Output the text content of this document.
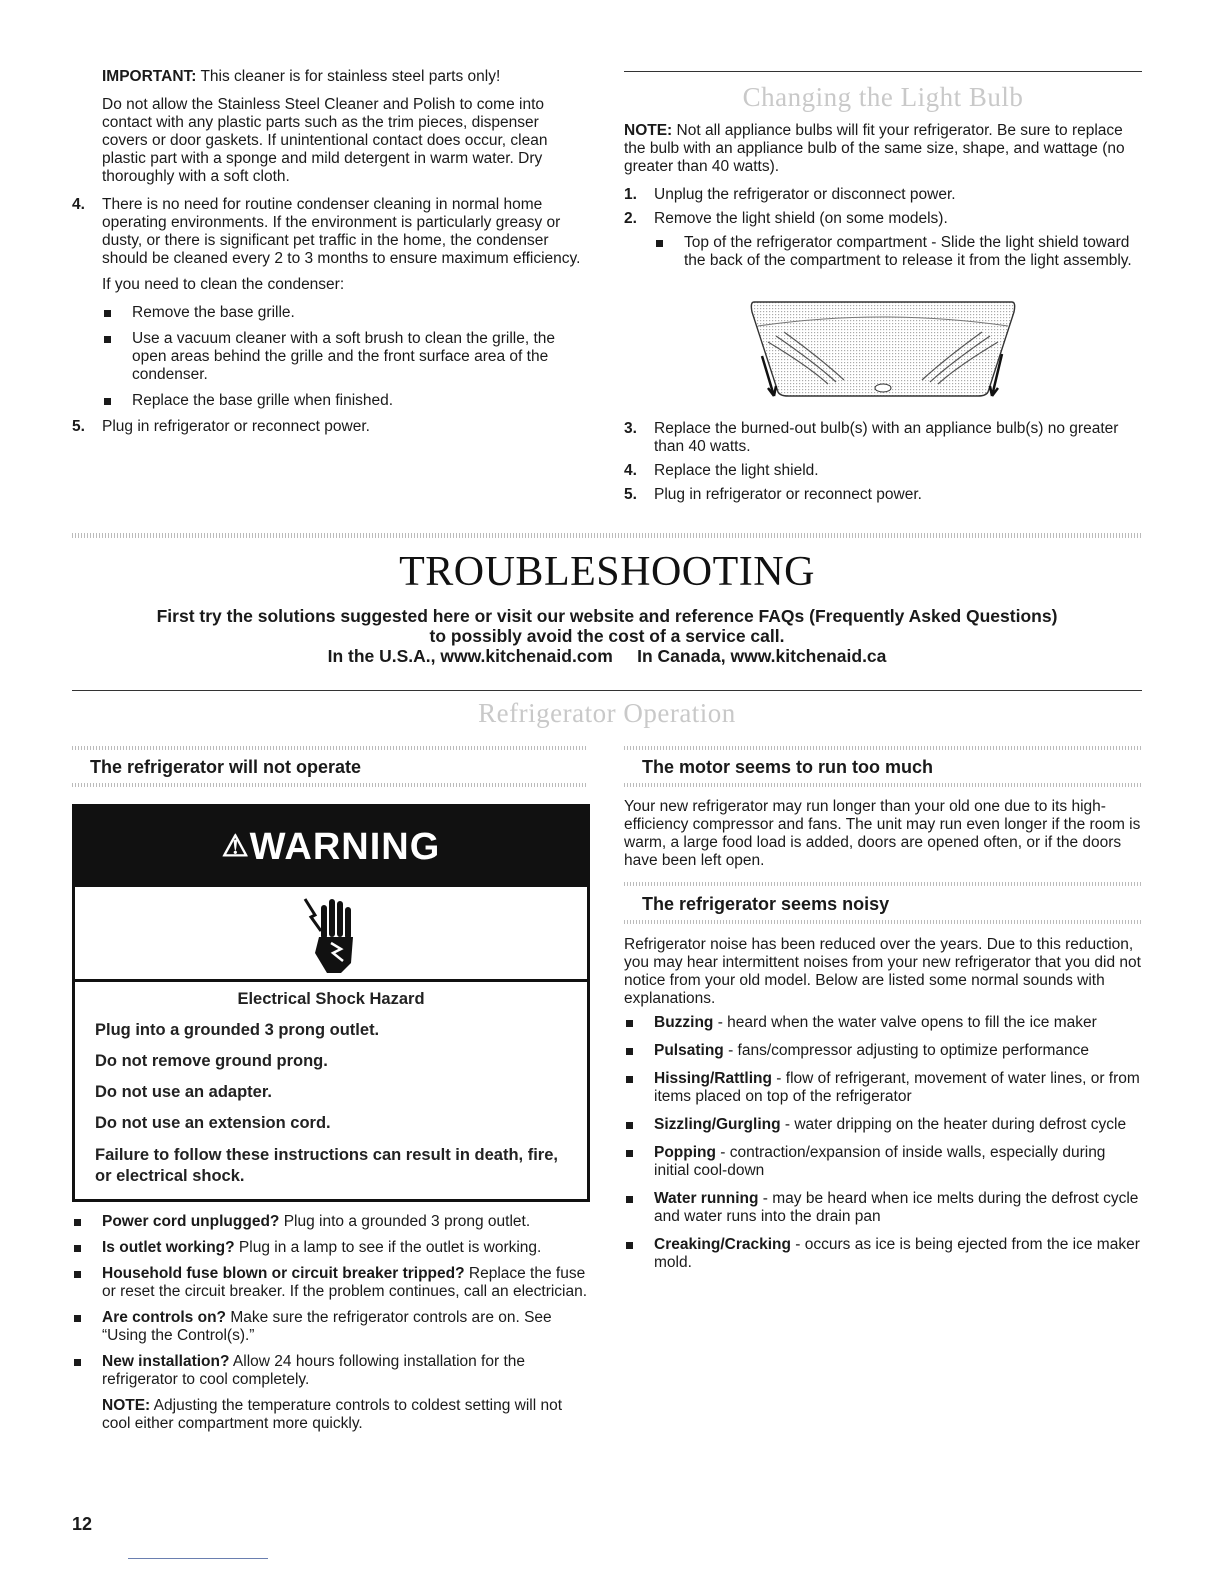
IMPORTANT: This cleaner is for stainless steel parts only!

Do not allow the Stainless Steel Cleaner and Polish to come into contact with any plastic parts such as the trim pieces, dispenser covers or door gaskets. If unintentional contact does occur, clean plastic part with a sponge and mild detergent in warm water. Dry thoroughly with a soft cloth.

4. There is no need for routine condenser cleaning in normal home operating environments. If the environment is particularly greasy or dusty, or there is significant pet traffic in the home, the condenser should be cleaned every 2 to 3 months to ensure maximum efficiency.

If you need to clean the condenser:

Remove the base grille.
Use a vacuum cleaner with a soft brush to clean the grille, the open areas behind the grille and the front surface area of the condenser.
Replace the base grille when finished.
5. Plug in refrigerator or reconnect power.
Changing the Light Bulb

NOTE: Not all appliance bulbs will fit your refrigerator. Be sure to replace the bulb with an appliance bulb of the same size, shape, and wattage (no greater than 40 watts).

1. Unplug the refrigerator or disconnect power.
2. Remove the light shield (on some models).
Top of the refrigerator compartment - Slide the light shield toward the back of the compartment to release it from the light assembly.
3. Replace the burned-out bulb(s) with an appliance bulb(s) no greater than 40 watts.
4. Replace the light shield.
5. Plug in refrigerator or reconnect power.
TROUBLESHOOTING
First try the solutions suggested here or visit our website and reference FAQs (Frequently Asked Questions)
to possibly avoid the cost of a service call.
In the U.S.A., www.kitchenaid.com     In Canada, www.kitchenaid.ca
Refrigerator Operation
The refrigerator will not operate
⚠WARNING
Electrical Shock Hazard
Plug into a grounded 3 prong outlet.
Do not remove ground prong.
Do not use an adapter.
Do not use an extension cord.
Failure to follow these instructions can result in death, fire, or electrical shock.
Power cord unplugged? Plug into a grounded 3 prong outlet.
Is outlet working? Plug in a lamp to see if the outlet is working.
Household fuse blown or circuit breaker tripped? Replace the fuse or reset the circuit breaker. If the problem continues, call an electrician.
Are controls on? Make sure the refrigerator controls are on. See “Using the Control(s).”
New installation? Allow 24 hours following installation for the refrigerator to cool completely.

NOTE: Adjusting the temperature controls to coldest setting will not cool either compartment more quickly.

The motor seems to run too much

Your new refrigerator may run longer than your old one due to its high-efficiency compressor and fans. The unit may run even longer if the room is warm, a large food load is added, doors are opened often, or if the doors have been left open.

The refrigerator seems noisy

Refrigerator noise has been reduced over the years. Due to this reduction, you may hear intermittent noises from your new refrigerator that you did not notice from your old model. Below are listed some normal sounds with explanations.

Buzzing - heard when the water valve opens to fill the ice maker
Pulsating - fans/compressor adjusting to optimize performance
Hissing/Rattling - flow of refrigerant, movement of water lines, or from items placed on top of the refrigerator
Sizzling/Gurgling - water dripping on the heater during defrost cycle
Popping - contraction/expansion of inside walls, especially during initial cool-down
Water running - may be heard when ice melts during the defrost cycle and water runs into the drain pan
Creaking/Cracking - occurs as ice is being ejected from the ice maker mold.
12
